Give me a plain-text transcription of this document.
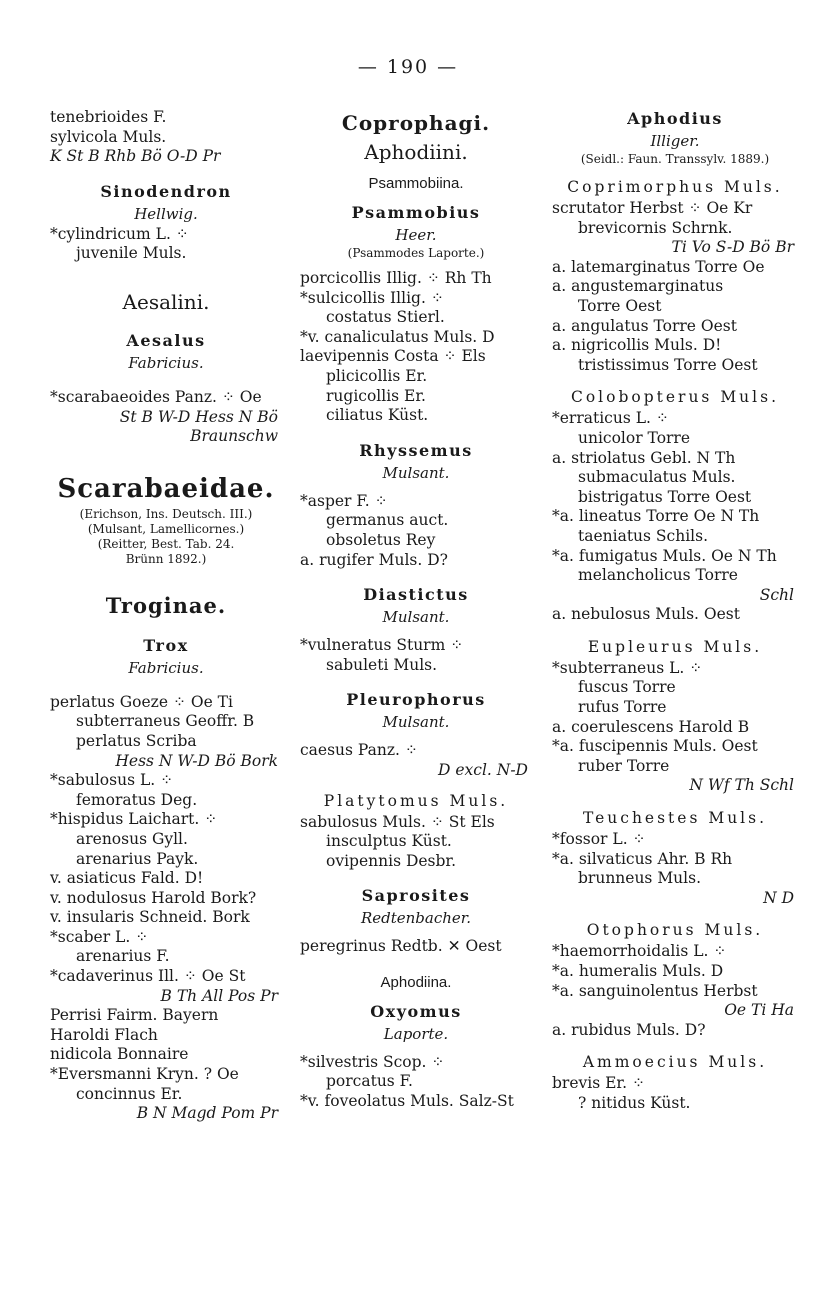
— 190 —
tenebrioides F.
sylvicola Muls.
K St B Rhb Bö O-D Pr
Sinodendron
Hellwig.
*cylindricum L. ⁘
juvenile Muls.
Aesalini.
Aesalus
Fabricius.
*scarabaeoides Panz. ⁘ Oe
St B W-D Hess N Bö
Braunschw
Scarabaeidae.
(Erichson, Ins. Deutsch. III.)
(Mulsant, Lamellicornes.)
(Reitter, Best. Tab. 24.
Brünn 1892.)
Troginae.
Trox
Fabricius.
perlatus Goeze ⁘ Oe Ti
subterraneus Geoffr. B
perlatus Scriba
Hess N W-D Bö Bork
*sabulosus L. ⁘
femoratus Deg.
*hispidus Laichart. ⁘
arenosus Gyll.
arenarius Payk.
v. asiaticus Fald. D!
v. nodulosus Harold Bork?
v. insularis Schneid. Bork
*scaber L. ⁘
arenarius F.
*cadaverinus Ill. ⁘ Oe St
B Th All Pos Pr
Perrisi Fairm. Bayern
Haroldi Flach
nidicola Bonnaire
*Eversmanni Kryn. ? Oe
concinnus Er.
B N Magd Pom Pr
Coprophagi.
Aphodiini.
Psammobiina.
Psammobius
Heer.
(Psammodes Laporte.)
porcicollis Illig. ⁘ Rh Th
*sulcicollis Illig. ⁘
costatus Stierl.
*v. canaliculatus Muls. D
laevipennis Costa ⁘ Els
plicicollis Er.
rugicollis Er.
ciliatus Küst.
Rhyssemus
Mulsant.
*asper F. ⁘
germanus auct.
obsoletus Rey
a. rugifer Muls. D?
Diastictus
Mulsant.
*vulneratus Sturm ⁘
sabuleti Muls.
Pleurophorus
Mulsant.
caesus Panz. ⁘
D excl. N-D
Platytomus Muls.
sabulosus Muls. ⁘ St Els
insculptus Küst.
ovipennis Desbr.
Saprosites
Redtenbacher.
peregrinus Redtb. ✕ Oest
Aphodiina.
Oxyomus
Laporte.
*silvestris Scop. ⁘
porcatus F.
*v. foveolatus Muls. Salz-St
Aphodius
Illiger.
(Seidl.: Faun. Transsylv. 1889.)
Coprimorphus Muls.
scrutator Herbst ⁘ Oe Kr
brevicornis Schrnk.
Ti Vo S-D Bö Br
a. latemarginatus Torre Oe
a. angustemarginatus
Torre Oest
a. angulatus Torre Oest
a. nigricollis Muls. D!
tristissimus Torre Oest
Colobopterus Muls.
*erraticus L. ⁘
unicolor Torre
a. striolatus Gebl. N Th
submaculatus Muls.
bistrigatus Torre Oest
*a. lineatus Torre Oe N Th
taeniatus Schils.
*a. fumigatus Muls. Oe N Th
melancholicus Torre
Schl
a. nebulosus Muls. Oest
Eupleurus Muls.
*subterraneus L. ⁘
fuscus Torre
rufus Torre
a. coerulescens Harold B
*a. fuscipennis Muls. Oest
ruber Torre
N Wf Th Schl
Teuchestes Muls.
*fossor L. ⁘
*a. silvaticus Ahr. B Rh
brunneus Muls.
N D
Otophorus Muls.
*haemorrhoidalis L. ⁘
*a. humeralis Muls. D
*a. sanguinolentus Herbst
Oe Ti Ha
a. rubidus Muls. D?
Ammoecius Muls.
brevis Er. ⁘
? nitidus Küst.
